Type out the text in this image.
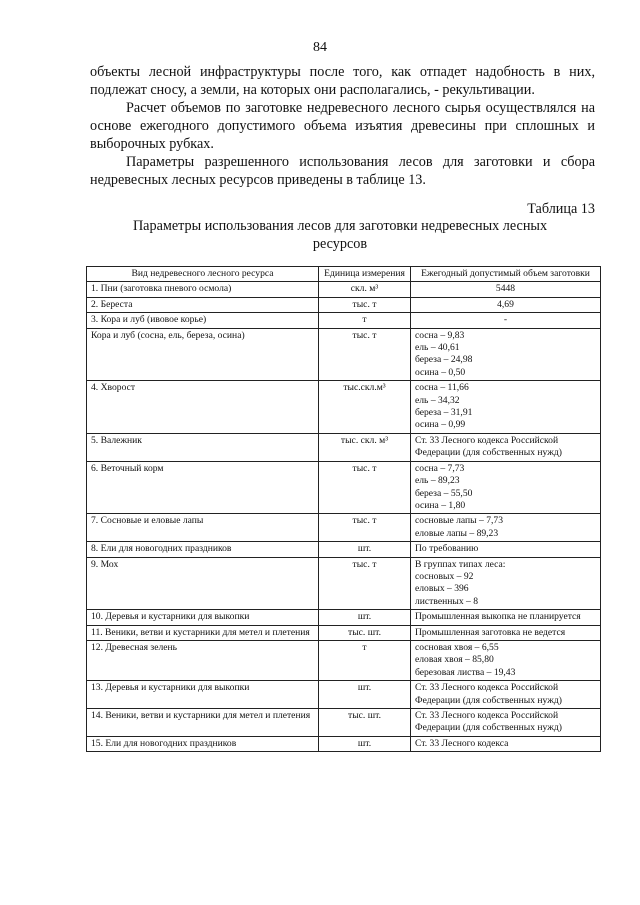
84
объекты лесной инфраструктуры после того, как отпадет надобность в них, подлежат сносу, а земли, на которых они располагались, - рекультивации.
Расчет объемов по заготовке недревесного лесного сырья осуществлялся на основе ежегодного допустимого объема изъятия древесины при сплошных и выборочных рубках.
Параметры разрешенного использования лесов для заготовки и сбора недревесных лесных ресурсов приведены в таблице 13.
Таблица 13
Параметры использования лесов для заготовки недревесных лесных ресурсов
Вид недревесного лесного ресурса	Единица измерения	Ежегодный допустимый объем заготовки
1. Пни (заготовка пневого осмола)	скл. м³	5448
2. Береста	тыс. т	4,69
3. Кора и луб (ивовое корье)	т	-
Кора и луб (сосна, ель, береза, осина)	тыс. т	сосна – 9,83
ель – 40,61
береза – 24,98
осина – 0,50
4. Хворост	тыс.скл.м³	сосна – 11,66
ель – 34,32
береза – 31,91
осина – 0,99
5. Валежник	тыс. скл. м³	Ст. 33 Лесного кодекса Российской Федерации (для собственных нужд)
6. Веточный корм	тыс. т	сосна – 7,73
ель – 89,23
береза – 55,50
осина – 1,80
7. Сосновые и еловые лапы	тыс. т	сосновые лапы – 7,73
еловые лапы – 89,23
8. Ели для новогодних праздников	шт.	По требованию
9. Мох	тыс. т	В группах типах леса:
сосновых – 92
еловых – 396
лиственных – 8
10. Деревья и кустарники для выкопки	шт.	Промышленная выкопка не планируется
11. Веники, ветви и кустарники для метел и плетения	тыс. шт.	Промышленная заготовка не ведется
12. Древесная зелень	т	сосновая хвоя – 6,55
еловая хвоя – 85,80
березовая листва – 19,43
13. Деревья и кустарники для выкопки	шт.	Ст. 33 Лесного кодекса Российской Федерации (для собственных нужд)
14. Веники, ветви и кустарники для метел и плетения	тыс. шт.	Ст. 33 Лесного кодекса Российской Федерации (для собственных нужд)
15. Ели для новогодних праздников	шт.	Ст. 33 Лесного кодекса
